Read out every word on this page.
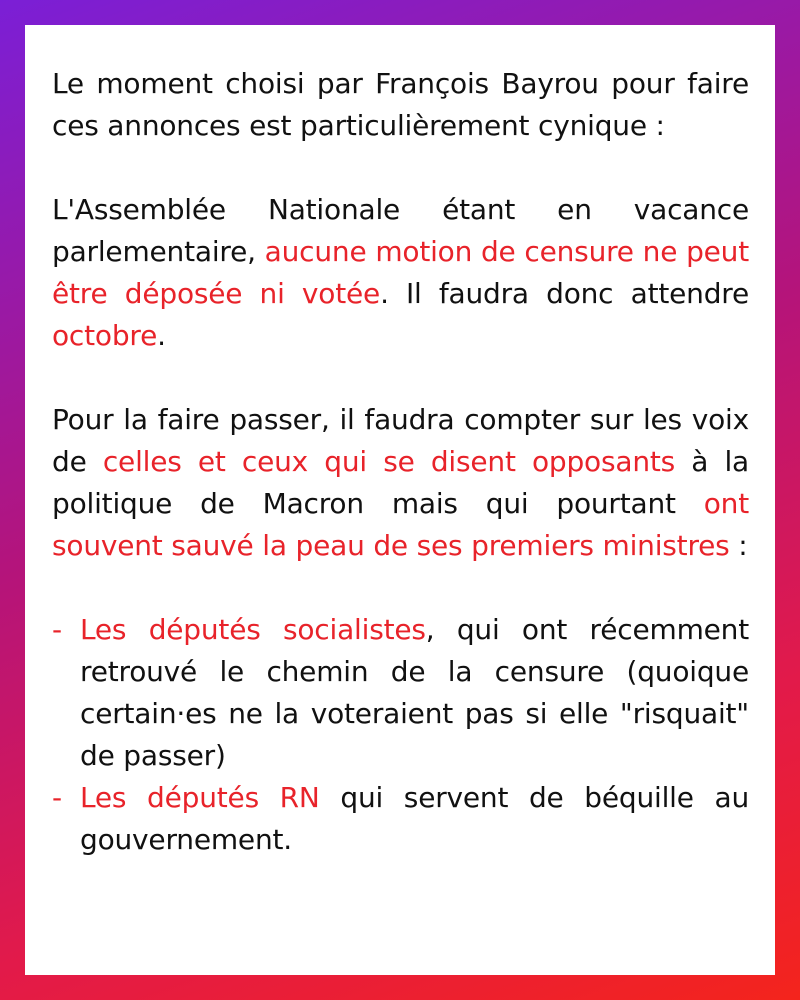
Le moment choisi par François Bayrou pour faire ces annonces est particulièrement cynique :

L'Assemblée Nationale étant en vacance parlementaire, aucune motion de censure ne peut être déposée ni votée. Il faudra donc attendre octobre.

Pour la faire passer, il faudra compter sur les voix de celles et ceux qui se disent opposants à la politique de Macron mais qui pourtant ont souvent sauvé la peau de ses premiers ministres :

- Les députés socialistes, qui ont récemment retrouvé le chemin de la censure (quoique certain·es ne la voteraient pas si elle "risquait" de passer)
- Les députés RN qui servent de béquille au gouvernement.
